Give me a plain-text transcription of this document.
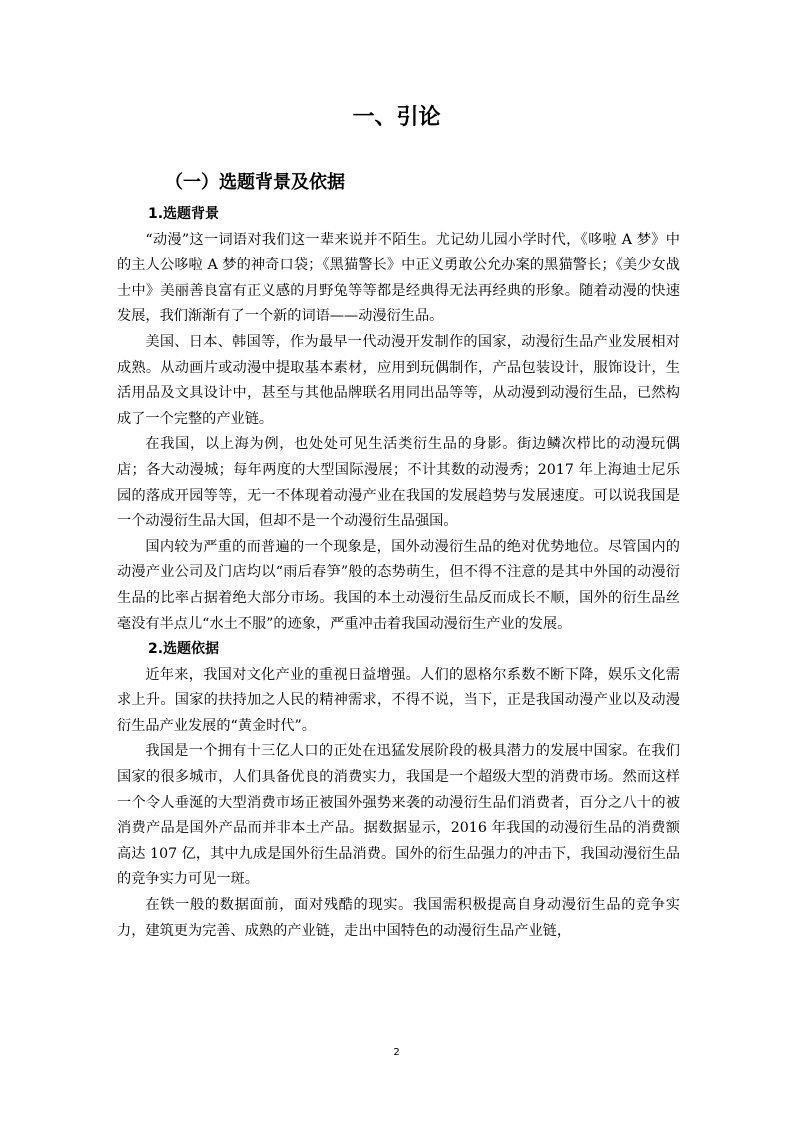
一、引论
（一）选题背景及依据

1.选题背景

“动漫”这一词语对我们这一辈来说并不陌生。尤记幼儿园小学时代，《哆啦 A 梦》中的主人公哆啦 A 梦的神奇口袋；《黑猫警长》中正义勇敢公允办案的黑猫警长；《美少女战士中》美丽善良富有正义感的月野兔等等都是经典得无法再经典的形象。随着动漫的快速发展，我们渐渐有了一个新的词语——动漫衍生品。

美国、日本、韩国等，作为最早一代动漫开发制作的国家，动漫衍生品产业发展相对成熟。从动画片或动漫中提取基本素材，应用到玩偶制作，产品包装设计，服饰设计，生活用品及文具设计中，甚至与其他品牌联名用同出品等等，从动漫到动漫衍生品，已然构成了一个完整的产业链。

在我国，以上海为例，也处处可见生活类衍生品的身影。街边鳞次栉比的动漫玩偶店；各大动漫城；每年两度的大型国际漫展；不计其数的动漫秀；2017 年上海迪士尼乐园的落成开园等等，无一不体现着动漫产业在我国的发展趋势与发展速度。可以说我国是一个动漫衍生品大国，但却不是一个动漫衍生品强国。

国内较为严重的而普遍的一个现象是，国外动漫衍生品的绝对优势地位。尽管国内的动漫产业公司及门店均以“雨后春笋”般的态势萌生，但不得不注意的是其中外国的动漫衍生品的比率占据着绝大部分市场。我国的本土动漫衍生品反而成长不顺，国外的衍生品丝毫没有半点儿“水土不服”的迹象，严重冲击着我国动漫衍生产业的发展。

2.选题依据

近年来，我国对文化产业的重视日益增强。人们的恩格尔系数不断下降，娱乐文化需求上升。国家的扶持加之人民的精神需求，不得不说，当下，正是我国动漫产业以及动漫衍生品产业发展的“黄金时代”。

我国是一个拥有十三亿人口的正处在迅猛发展阶段的极具潜力的发展中国家。在我们国家的很多城市，人们具备优良的消费实力，我国是一个超级大型的消费市场。然而这样一个令人垂涎的大型消费市场正被国外强势来袭的动漫衍生品们消费者，百分之八十的被消费产品是国外产品而并非本土产品。据数据显示，2016 年我国的动漫衍生品的消费额高达 107 亿，其中九成是国外衍生品消费。国外的衍生品强力的冲击下，我国动漫衍生品的竞争实力可见一斑。

在铁一般的数据面前，面对残酷的现实。我国需积极提高自身动漫衍生品的竞争实力，建筑更为完善、成熟的产业链，走出中国特色的动漫衍生品产业链，

2
